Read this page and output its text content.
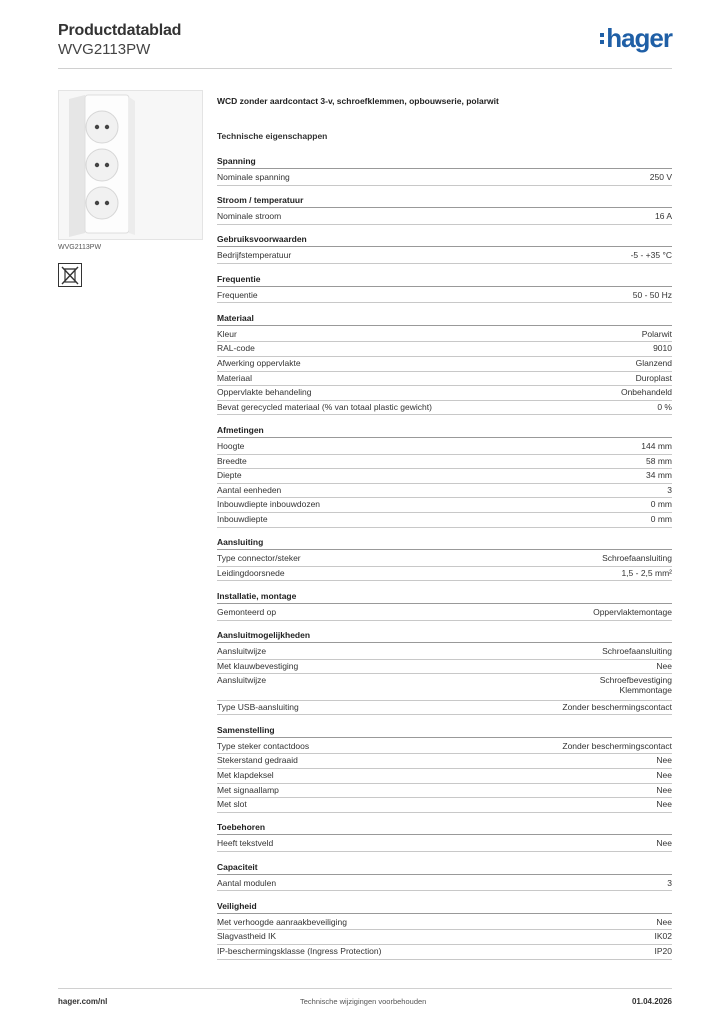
Productdatablad
WVG2113PW	hager
WVG2113PW
WCD zonder aardcontact 3-v, schroefklemmen, opbouwserie, polarwit
Technische eigenschappen
Spanning
Nominale spanning	250 V
Stroom / temperatuur
Nominale stroom	16 A
Gebruiksvoorwaarden
Bedrijfstemperatuur	-5 - +35 °C
Frequentie
Frequentie	50 - 50 Hz
Materiaal
Kleur	Polarwit
RAL-code	9010
Afwerking oppervlakte	Glanzend
Materiaal	Duroplast
Oppervlakte behandeling	Onbehandeld
Bevat gerecycled materiaal (% van totaal plastic gewicht)	0 %
Afmetingen
Hoogte	144 mm
Breedte	58 mm
Diepte	34 mm
Aantal eenheden	3
Inbouwdiepte inbouwdozen	0 mm
Inbouwdiepte	0 mm
Aansluiting
Type connector/steker	Schroefaansluiting
Leidingdoorsnede	1,5 - 2,5 mm²
Installatie, montage
Gemonteerd op	Oppervlaktemontage
Aansluitmogelijkheden
Aansluitwijze	Schroefaansluiting
Met klauwbevestiging	Nee
Aansluitwijze	Schroefbevestiging
Klemmontage
Type USB-aansluiting	Zonder beschermingscontact
Samenstelling
Type steker contactdoos	Zonder beschermingscontact
Stekerstand gedraaid	Nee
Met klapdeksel	Nee
Met signaallamp	Nee
Met slot	Nee
Toebehoren
Heeft tekstveld	Nee
Capaciteit
Aantal modulen	3
Veiligheid
Met verhoogde aanraakbeveiliging	Nee
Slagvastheid IK	IK02
IP-beschermingsklasse (Ingress Protection)	IP20
hager.com/nl	Technische wijzigingen voorbehouden	01.04.2026
